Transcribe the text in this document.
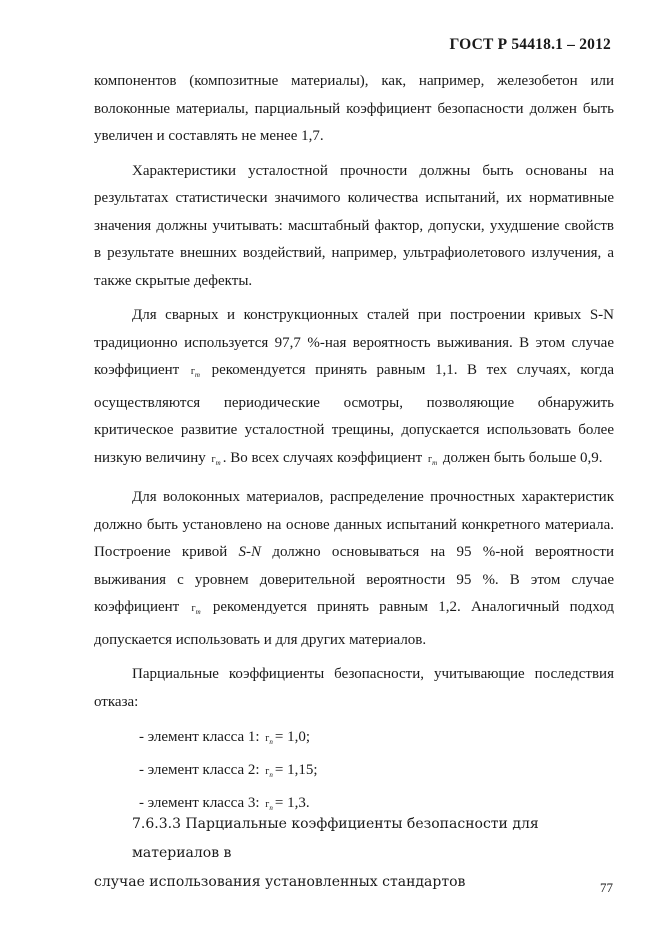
ГОСТ Р 54418.1 – 2012

компонентов (композитные материалы), как, например, железобетон или волоконные материалы, парциальный коэффициент безопасности должен быть увеличен и составлять не менее 1,7.

Характеристики усталостной прочности должны быть основаны на результатах статистически значимого количества испытаний, их нормативные значения должны учитывать: масштабный фактор, допуски, ухудшение свойств в результате внешних воздействий, например, ультрафиолетового излучения, а также скрытые дефекты.

Для сварных и конструкционных сталей при построении кривых S-N традиционно используется 97,7 %-ная вероятность выживания. В этом случае коэффициент $г_m$ рекомендуется принять равным 1,1. В тех случаях, когда осуществляются периодические осмотры, позволяющие обнаружить критическое развитие усталостной трещины, допускается использовать более низкую величину $г_m$ . Во всех случаях коэффициент $г_m$ должен быть больше 0,9.

Для волоконных материалов, распределение прочностных характеристик должно быть установлено на основе данных испытаний конкретного материала. Построение кривой S-N должно основываться на 95 %-ной вероятности выживания с уровнем доверительной вероятности 95 %. В этом случае коэффициент $г_m$ рекомендуется принять равным 1,2. Аналогичный подход допускается использовать и для других материалов.

Парциальные коэффициенты безопасности, учитывающие последствия отказа:

- элемент класса 1: $г_n = 1,0$;
- элемент класса 2: $г_n = 1,15$;
- элемент класса 3: $г_n = 1,3$.
7.6.3.3 Парциальные коэффициенты безопасности для материалов в
случае использования установленных стандартов	77
